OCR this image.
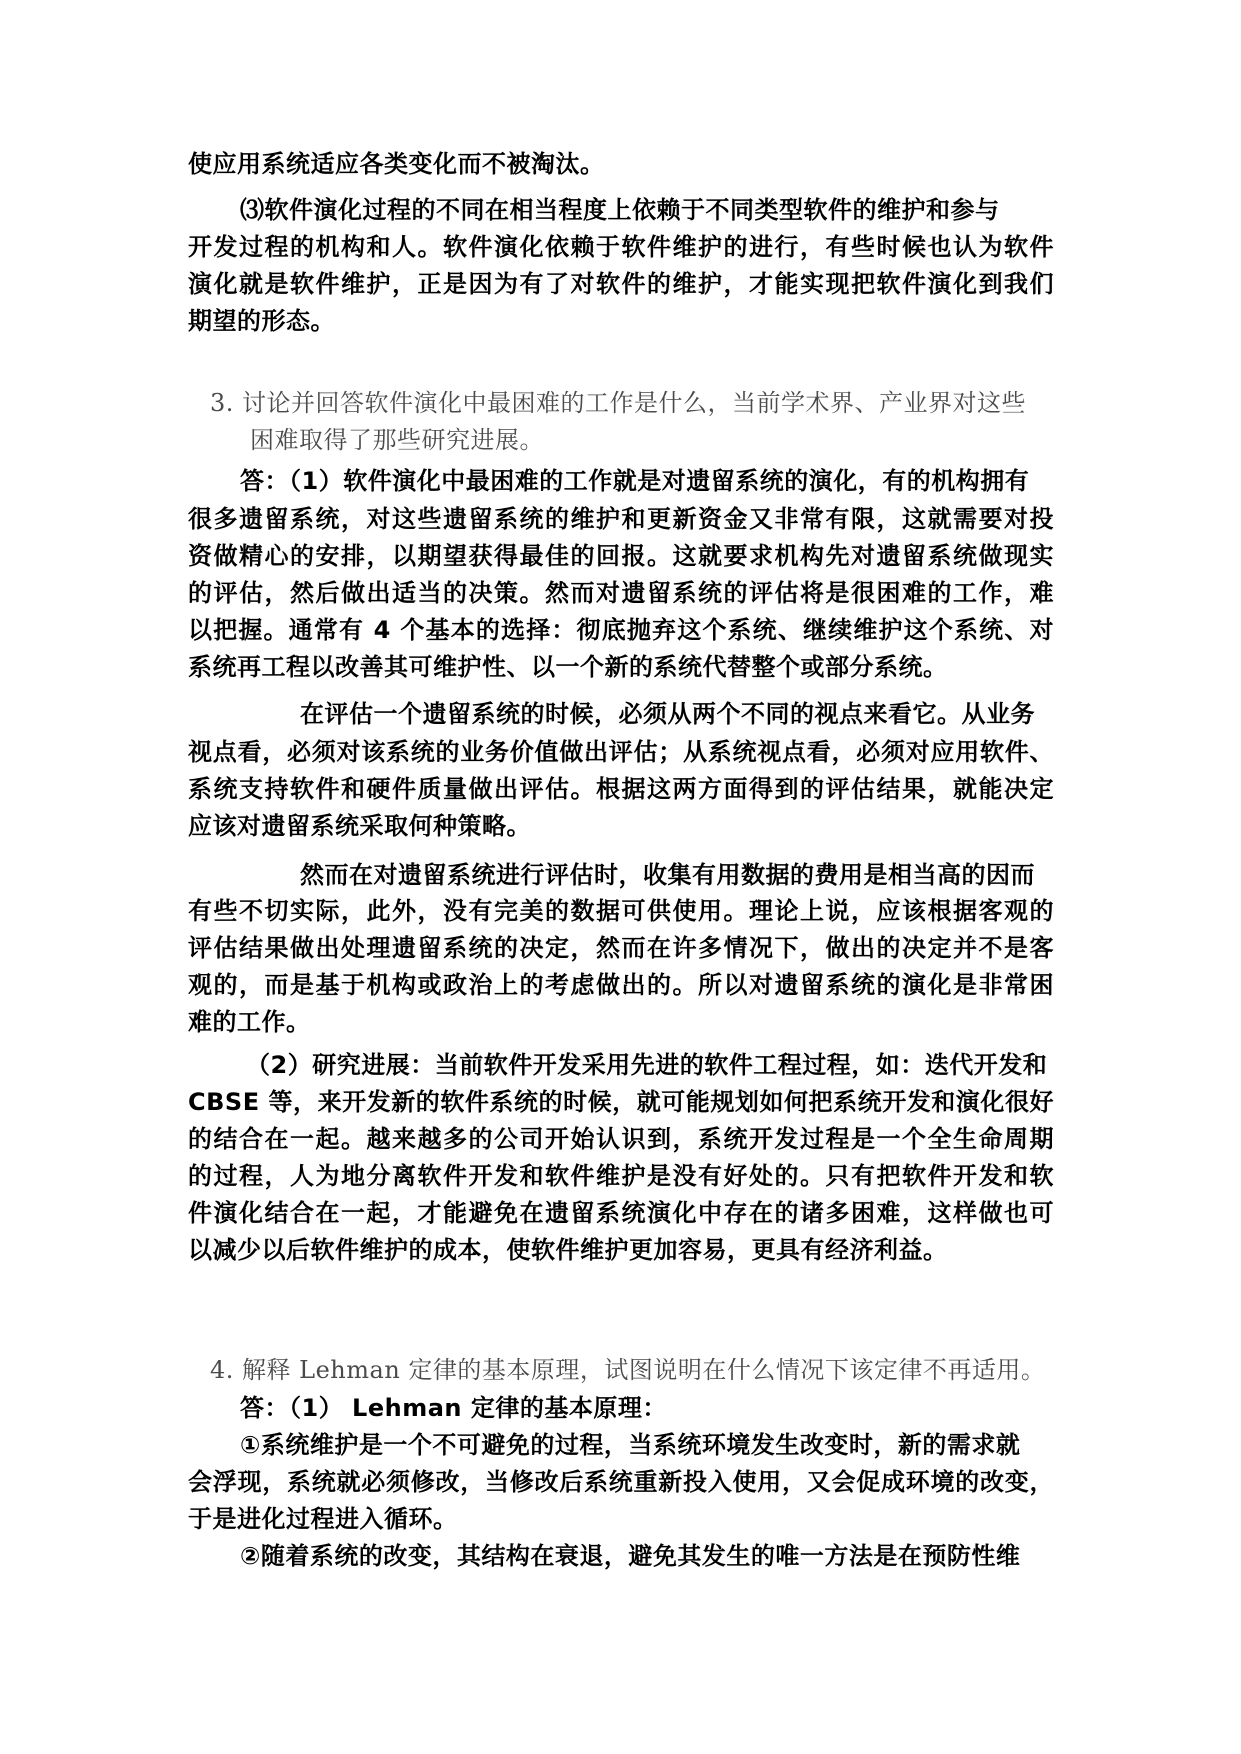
使应用系统适应各类变化而不被淘汰。
⑶软件演化过程的不同在相当程度上依赖于不同类型软件的维护和参与
开发过程的机构和人。软件演化依赖于软件维护的进行，有些时候也认为软件
演化就是软件维护，正是因为有了对软件的维护，才能实现把软件演化到我们
期望的形态。
3. 讨论并回答软件演化中最困难的工作是什么，当前学术界、产业界对这些
困难取得了那些研究进展。
答：（1）软件演化中最困难的工作就是对遗留系统的演化，有的机构拥有
很多遗留系统，对这些遗留系统的维护和更新资金又非常有限，这就需要对投
资做精心的安排，以期望获得最佳的回报。这就要求机构先对遗留系统做现实
的评估，然后做出适当的决策。然而对遗留系统的评估将是很困难的工作，难
以把握。通常有 4 个基本的选择：彻底抛弃这个系统、继续维护这个系统、对
系统再工程以改善其可维护性、以一个新的系统代替整个或部分系统。
在评估一个遗留系统的时候，必须从两个不同的视点来看它。从业务
视点看，必须对该系统的业务价值做出评估；从系统视点看，必须对应用软件、
系统支持软件和硬件质量做出评估。根据这两方面得到的评估结果，就能决定
应该对遗留系统采取何种策略。
然而在对遗留系统进行评估时，收集有用数据的费用是相当高的因而
有些不切实际，此外，没有完美的数据可供使用。理论上说，应该根据客观的
评估结果做出处理遗留系统的决定，然而在许多情况下，做出的决定并不是客
观的，而是基于机构或政治上的考虑做出的。所以对遗留系统的演化是非常困
难的工作。
（2）研究进展：当前软件开发采用先进的软件工程过程，如：迭代开发和
CBSE 等，来开发新的软件系统的时候，就可能规划如何把系统开发和演化很好
的结合在一起。越来越多的公司开始认识到，系统开发过程是一个全生命周期
的过程，人为地分离软件开发和软件维护是没有好处的。只有把软件开发和软
件演化结合在一起，才能避免在遗留系统演化中存在的诸多困难，这样做也可
以减少以后软件维护的成本，使软件维护更加容易，更具有经济利益。
4. 解释 Lehman 定律的基本原理，试图说明在什么情况下该定律不再适用。
答：（1） Lehman 定律的基本原理：
①系统维护是一个不可避免的过程，当系统环境发生改变时，新的需求就
会浮现，系统就必须修改，当修改后系统重新投入使用，又会促成环境的改变，
于是进化过程进入循环。
②随着系统的改变，其结构在衰退，避免其发生的唯一方法是在预防性维
